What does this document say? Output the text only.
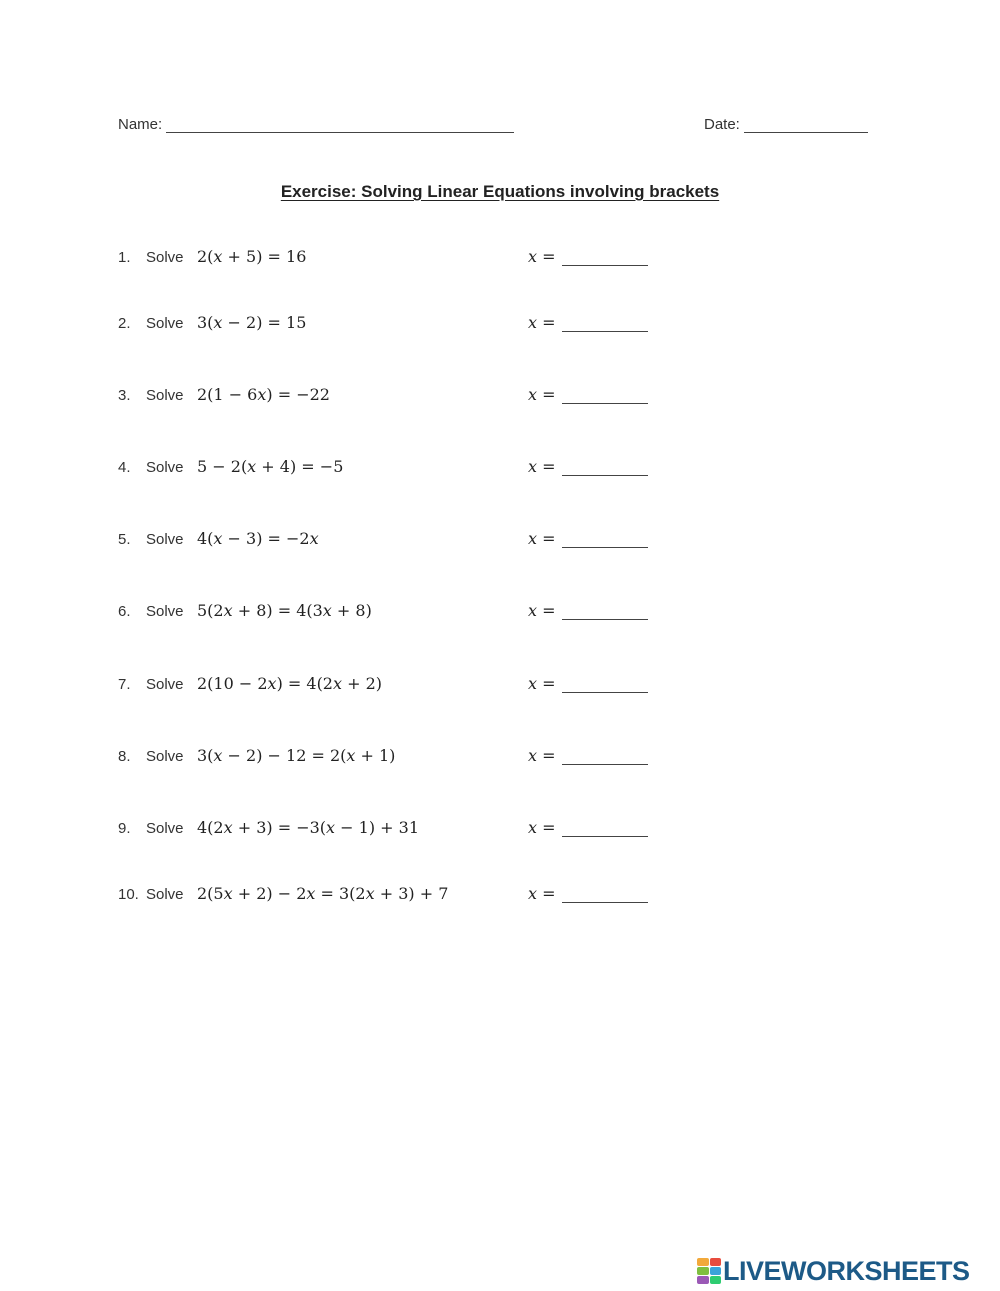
Name:	Date:
Exercise: Solving Linear Equations involving brackets
1. Solve 2(𝑥 + 5) = 16	𝑥 =
2. Solve 3(𝑥 − 2) = 15	𝑥 =
3. Solve 2(1 − 6𝑥) = −22	𝑥 =
4. Solve 5 − 2(𝑥 + 4) = −5	𝑥 =
5. Solve 4(𝑥 − 3) = −2𝑥	𝑥 =
6. Solve 5(2𝑥 + 8) = 4(3𝑥 + 8)	𝑥 =
7. Solve 2(10 − 2𝑥) = 4(2𝑥 + 2)	𝑥 =
8. Solve 3(𝑥 − 2) − 12 = 2(𝑥 + 1)	𝑥 =
9. Solve 4(2𝑥 + 3) = −3(𝑥 − 1) + 31	𝑥 =
10. Solve 2(5𝑥 + 2) − 2𝑥 = 3(2𝑥 + 3) + 7	𝑥 =
LIVEWORKSHEETS
